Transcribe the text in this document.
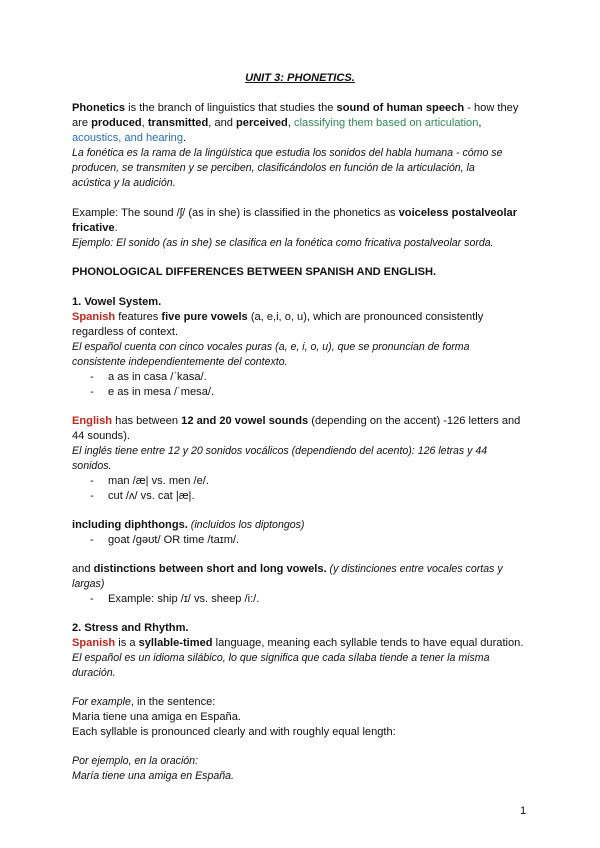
UNIT 3: PHONETICS.
Phonetics is the branch of linguistics that studies the sound of human speech - how they
are produced, transmitted, and perceived, classifying them based on articulation,
acoustics, and hearing.
La fonética es la rama de la lingüística que estudia los sonidos del habla humana - cómo se
producen, se transmiten y se perciben, clasificándolos en función de la articulación, la
acústica y la audición.
Example: The sound /ʃ/ (as in she) is classified in the phonetics as voiceless postalveolar
fricative.
Ejemplo: El sonido (as in she) se clasifica en la fonética como fricativa postalveolar sorda.
PHONOLOGICAL DIFFERENCES BETWEEN SPANISH AND ENGLISH.
1. Vowel System.
Spanish features five pure vowels (a, e,i, o, u), which are pronounced consistently
regardless of context.
El español cuenta con cinco vocales puras (a, e, i, o, u), que se pronuncian de forma
consistente independientemente del contexto.
- a as in casa /ˈkasa/.
- e as in mesa /ˈmesa/.
English has between 12 and 20 vowel sounds (depending on the accent) -126 letters and
44 sounds).
El inglés tiene entre 12 y 20 sonidos vocálicos (dependiendo del acento): 126 letras y 44
sonidos.
- man /æ| vs. men /e/.
- cut /ʌ/ vs. cat |æ|.
including diphthongs. (incluidos los diptongos)
- goat /gəʊt/ OR time /taɪm/.
and distinctions between short and long vowels. (y distinciones entre vocales cortas y
largas)
- Example: ship /ɪ/ vs. sheep /i:/.
2. Stress and Rhythm.
Spanish is a syllable-timed language, meaning each syllable tends to have equal duration.
El español es un idioma silábico, lo que significa que cada sílaba tiende a tener la misma
duración.
For example, in the sentence:
Maria tiene una amiga en España.
Each syllable is pronounced clearly and with roughly equal length:
Por ejemplo, en la oración:
María tiene una amiga en España.
1
